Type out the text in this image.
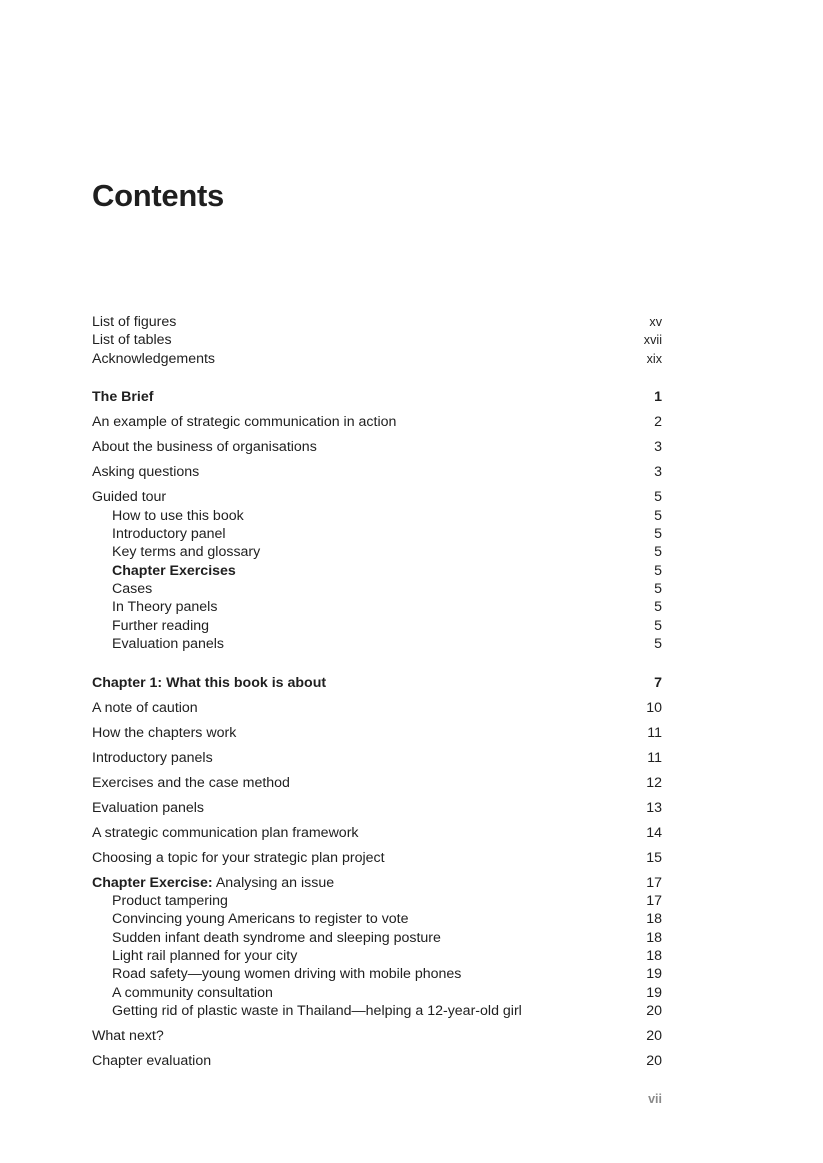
Contents
List of figures	xv
List of tables	xvii
Acknowledgements	xix
The Brief	1
An example of strategic communication in action	2
About the business of organisations	3
Asking questions	3
Guided tour	5
How to use this book	5
Introductory panel	5
Key terms and glossary	5
Chapter Exercises	5
Cases	5
In Theory panels	5
Further reading	5
Evaluation panels	5
Chapter 1: What this book is about	7
A note of caution	10
How the chapters work	11
Introductory panels	11
Exercises and the case method	12
Evaluation panels	13
A strategic communication plan framework	14
Choosing a topic for your strategic plan project	15
Chapter Exercise: Analysing an issue	17
Product tampering	17
Convincing young Americans to register to vote	18
Sudden infant death syndrome and sleeping posture	18
Light rail planned for your city	18
Road safety—young women driving with mobile phones	19
A community consultation	19
Getting rid of plastic waste in Thailand—helping a 12-year-old girl	20
What next?	20
Chapter evaluation	20
vii
